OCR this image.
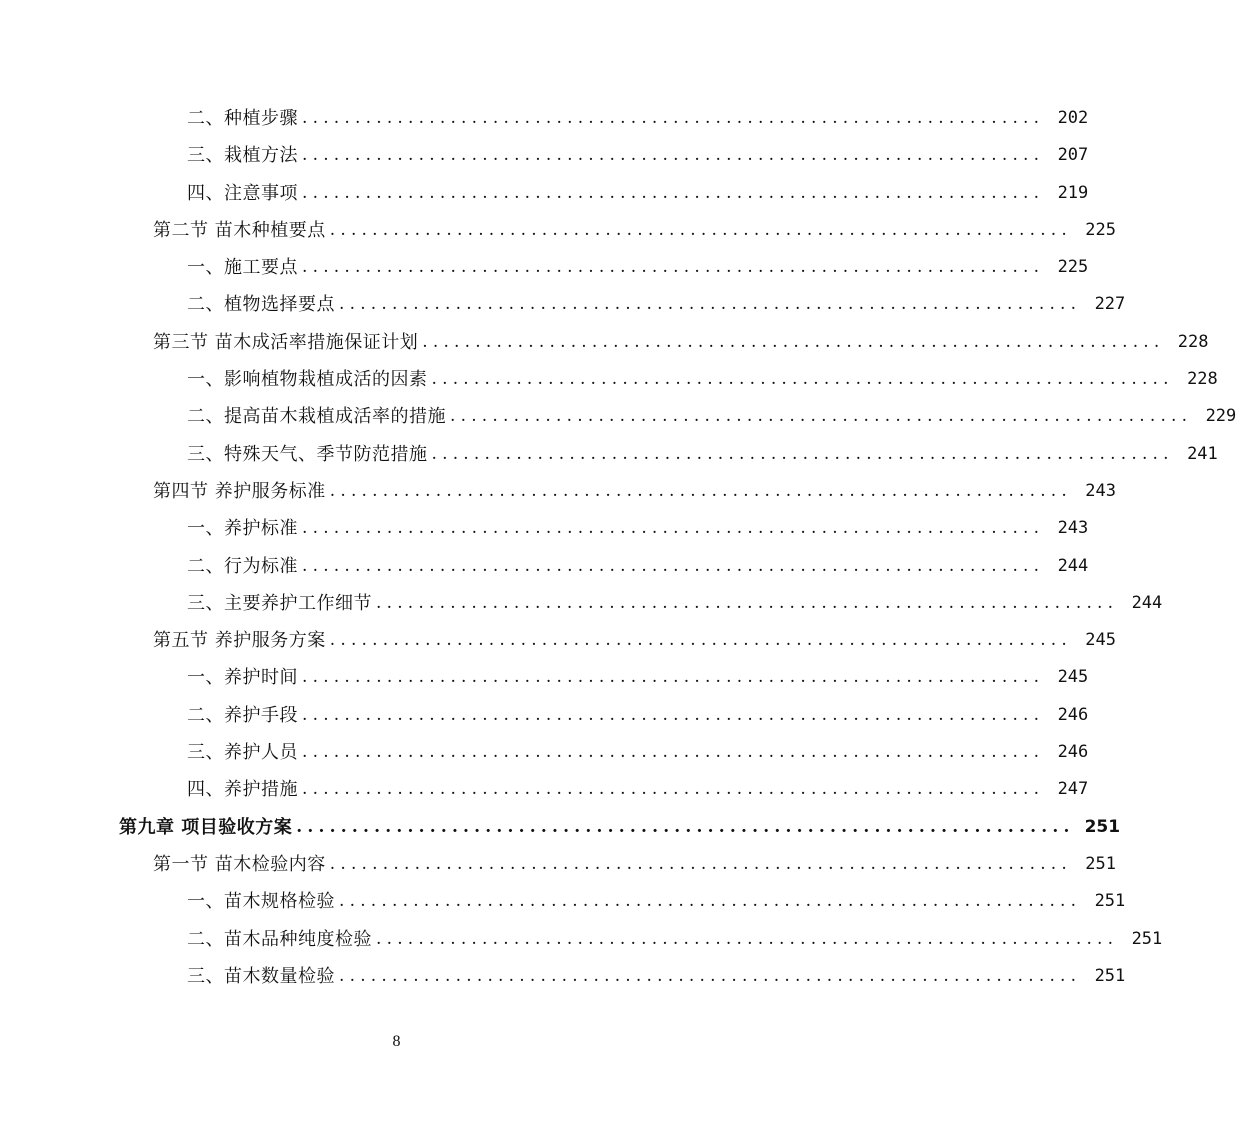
二、种植步骤 ...................................................................... 202
三、栽植方法 ...................................................................... 207
四、注意事项 ...................................................................... 219
第二节 苗木种植要点 ...................................................................... 225
一、施工要点 ...................................................................... 225
二、植物选择要点 ...................................................................... 227
第三节 苗木成活率措施保证计划 ...................................................................... 228
一、影响植物栽植成活的因素 ...................................................................... 228
二、提高苗木栽植成活率的措施 ...................................................................... 229
三、特殊天气、季节防范措施 ...................................................................... 241
第四节 养护服务标准 ...................................................................... 243
一、养护标准 ...................................................................... 243
二、行为标准 ...................................................................... 244
三、主要养护工作细节 ...................................................................... 244
第五节 养护服务方案 ...................................................................... 245
一、养护时间 ...................................................................... 245
二、养护手段 ...................................................................... 246
三、养护人员 ...................................................................... 246
四、养护措施 ...................................................................... 247
第九章 项目验收方案 ...................................................................... 251
第一节 苗木检验内容 ...................................................................... 251
一、苗木规格检验 ...................................................................... 251
二、苗木品种纯度检验 ...................................................................... 251
三、苗木数量检验 ...................................................................... 251
8
